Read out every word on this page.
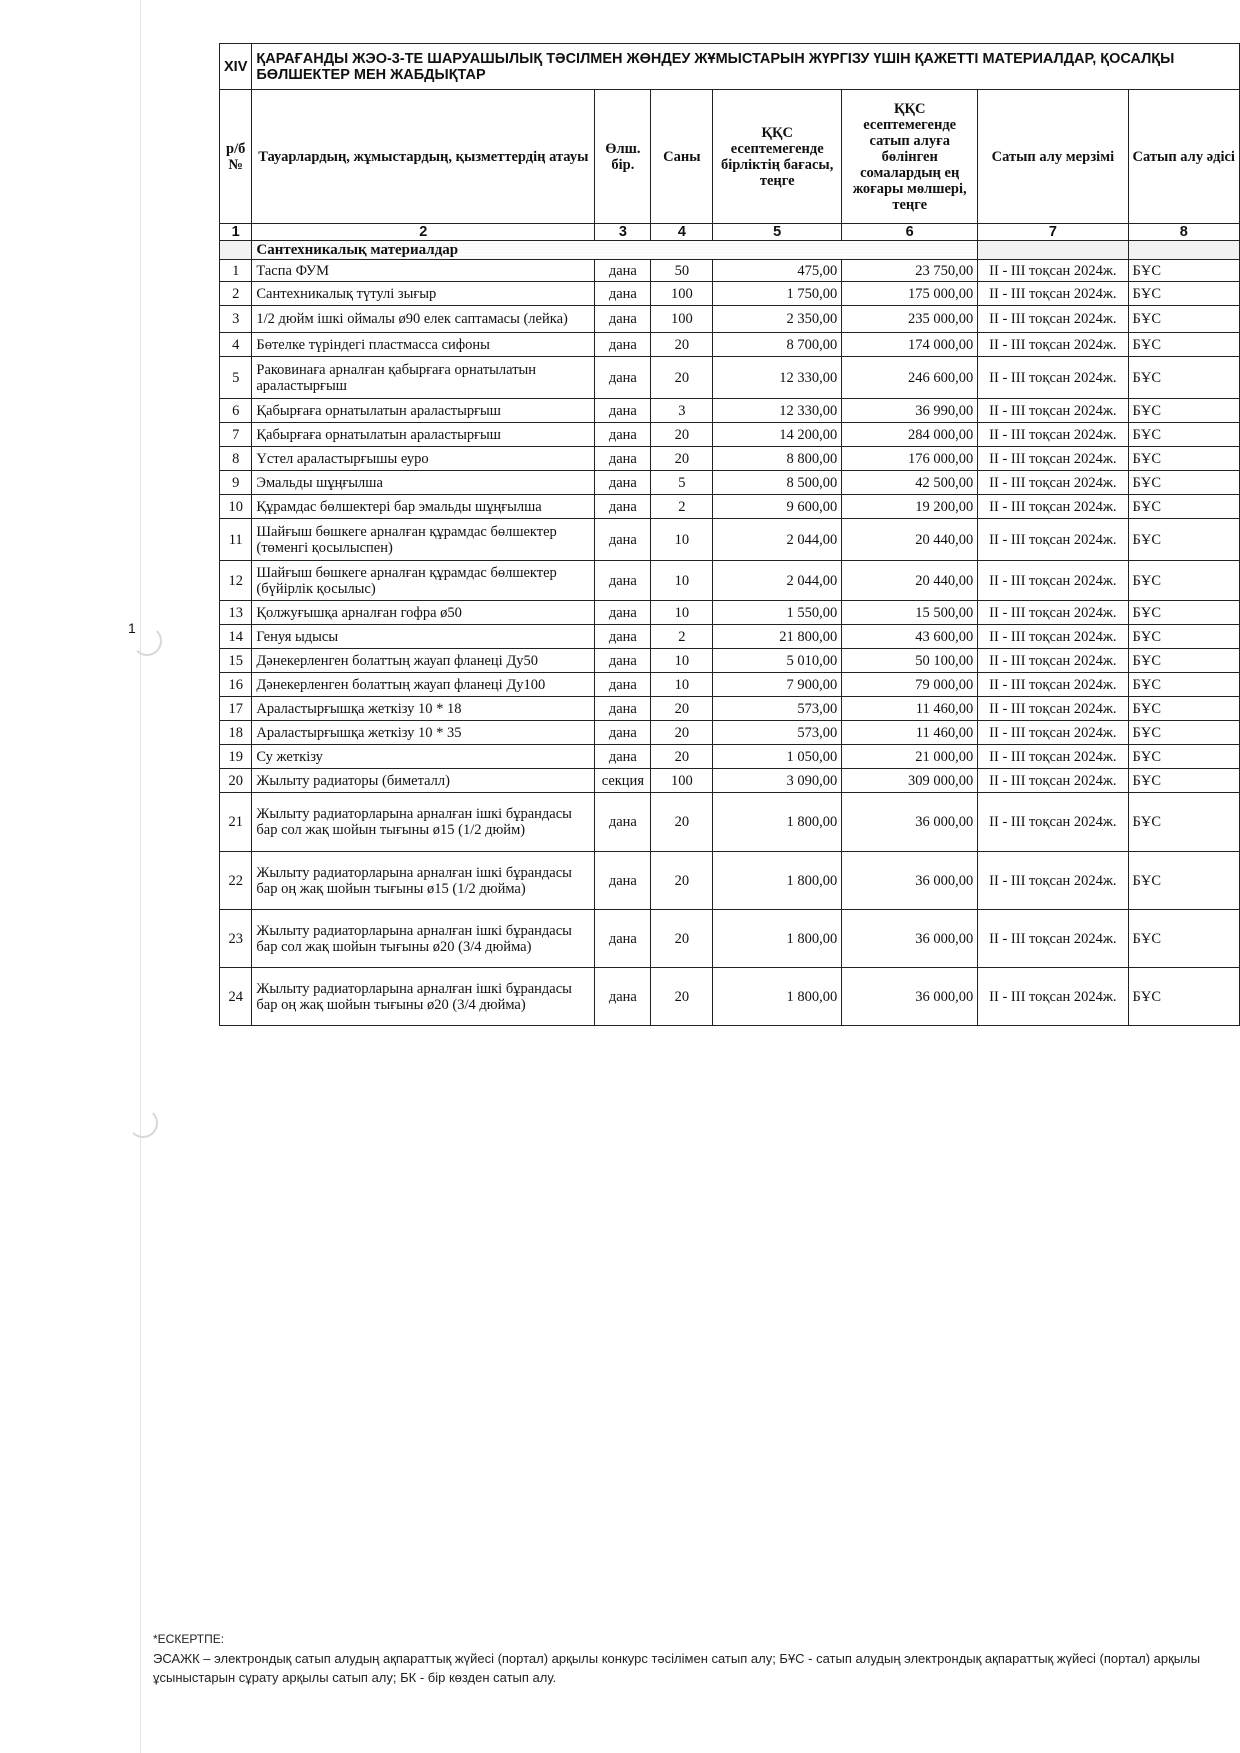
1
XIV	ҚАРАҒАНДЫ ЖЭО-3-ТЕ ШАРУАШЫЛЫҚ ТӘСІЛМЕН ЖӨНДЕУ ЖҰМЫСТАРЫН ЖҮРГІЗУ ҮШІН ҚАЖЕТТІ МАТЕРИАЛДАР, ҚОСАЛҚЫ БӨЛШЕКТЕР МЕН ЖАБДЫҚТАР						
р/б №	Тауарлардың, жұмыстардың, қызметтердің атауы	Өлш. бір.	Саны	ҚҚС есептемегенде бірліктің бағасы, теңге	ҚҚС есептемегенде сатып алуға бөлінген сомалардың ең жоғары мөлшері, теңге	Сатып алу мерзімі	Сатып алу әдісі
1	2	3	4	5	6	7	8
	Сантехникалық материалдар						
1	Таспа ФУМ	дана	50	475,00	23 750,00	II - III тоқсан 2024ж.	БҰС
2	Сантехникалық түтулі зығыр	дана	100	1 750,00	175 000,00	II - III тоқсан 2024ж.	БҰС
3	1/2 дюйм ішкі оймалы ø90 елек саптамасы (лейка)	дана	100	2 350,00	235 000,00	II - III тоқсан 2024ж.	БҰС
4	Бөтелке түріндегі пластмасса сифоны	дана	20	8 700,00	174 000,00	II - III тоқсан 2024ж.	БҰС
5	Раковинаға арналған қабырғаға орнатылатын араластырғыш	дана	20	12 330,00	246 600,00	II - III тоқсан 2024ж.	БҰС
6	Қабырғаға орнатылатын араластырғыш	дана	3	12 330,00	36 990,00	II - III тоқсан 2024ж.	БҰС
7	Қабырғаға орнатылатын араластырғыш	дана	20	14 200,00	284 000,00	II - III тоқсан 2024ж.	БҰС
8	Үстел араластырғышы еуро	дана	20	8 800,00	176 000,00	II - III тоқсан 2024ж.	БҰС
9	Эмальды шұңғылша	дана	5	8 500,00	42 500,00	II - III тоқсан 2024ж.	БҰС
10	Құрамдас бөлшектері бар эмальды шұңғылша	дана	2	9 600,00	19 200,00	II - III тоқсан 2024ж.	БҰС
11	Шайғыш бөшкеге арналған құрамдас бөлшектер (төменгі қосылыспен)	дана	10	2 044,00	20 440,00	II - III тоқсан 2024ж.	БҰС
12	Шайғыш бөшкеге арналған құрамдас бөлшектер (бүйірлік қосылыс)	дана	10	2 044,00	20 440,00	II - III тоқсан 2024ж.	БҰС
13	Қолжуғышқа арналған гофра ø50	дана	10	1 550,00	15 500,00	II - III тоқсан 2024ж.	БҰС
14	Генуя ыдысы	дана	2	21 800,00	43 600,00	II - III тоқсан 2024ж.	БҰС
15	Дәнекерленген болаттың жауап фланеці Ду50	дана	10	5 010,00	50 100,00	II - III тоқсан 2024ж.	БҰС
16	Дәнекерленген болаттың жауап фланеці Ду100	дана	10	7 900,00	79 000,00	II - III тоқсан 2024ж.	БҰС
17	Араластырғышқа жеткізу 10 * 18	дана	20	573,00	11 460,00	II - III тоқсан 2024ж.	БҰС
18	Араластырғышқа жеткізу 10 * 35	дана	20	573,00	11 460,00	II - III тоқсан 2024ж.	БҰС
19	Су жеткізу	дана	20	1 050,00	21 000,00	II - III тоқсан 2024ж.	БҰС
20	Жылыту радиаторы (биметалл)	секция	100	3 090,00	309 000,00	II - III тоқсан 2024ж.	БҰС
21	Жылыту радиаторларына арналған ішкі бұрандасы бар сол жақ шойын тығыны ø15 (1/2 дюйм)	дана	20	1 800,00	36 000,00	II - III тоқсан 2024ж.	БҰС
22	Жылыту радиаторларына арналған ішкі бұрандасы бар оң жақ шойын тығыны ø15 (1/2 дюйма)	дана	20	1 800,00	36 000,00	II - III тоқсан 2024ж.	БҰС
23	Жылыту радиаторларына арналған ішкі бұрандасы бар сол жақ шойын тығыны ø20 (3/4 дюйма)	дана	20	1 800,00	36 000,00	II - III тоқсан 2024ж.	БҰС
24	Жылыту радиаторларына арналған ішкі бұрандасы бар оң жақ шойын тығыны ø20 (3/4 дюйма)	дана	20	1 800,00	36 000,00	II - III тоқсан 2024ж.	БҰС
*ЕСКЕРТПЕ:
ЭСАЖК – электрондық сатып алудың ақпараттық жүйесі (портал) арқылы конкурс тәсілімен сатып алу; БҰС - сатып алудың электрондық ақпараттық жүйесі (портал) арқылы ұсыныстарын сұрату арқылы сатып алу; БК - бір көзден сатып алу.
